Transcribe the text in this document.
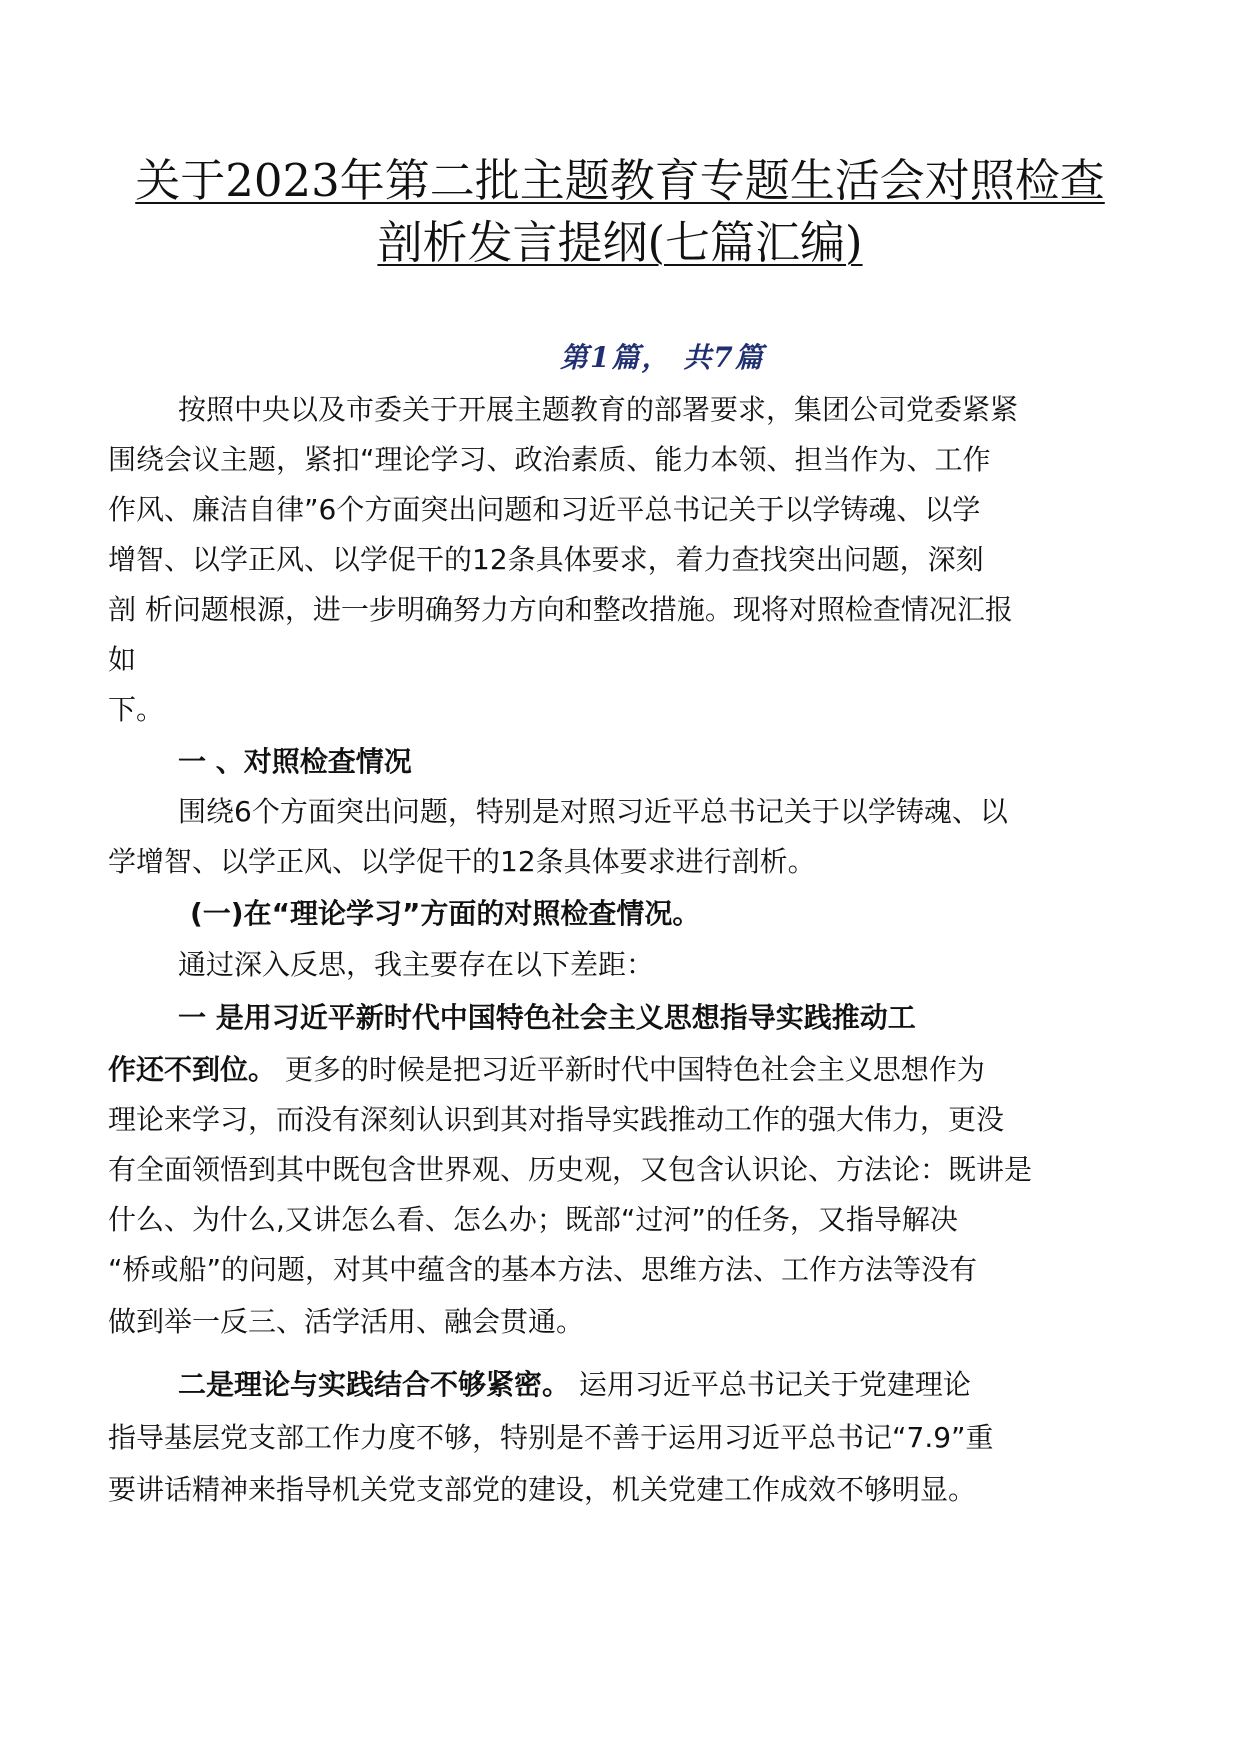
关于2023年第二批主题教育专题生活会对照检查
剖析发言提纲(七篇汇编)
第1篇， 共7篇
按照中央以及市委关于开展主题教育的部署要求，集团公司党委紧紧
围绕会议主题，紧扣“理论学习、政治素质、能力本领、担当作为、工作
作风、廉洁自律”6个方面突出问题和习近平总书记关于以学铸魂、以学
增智、以学正风、以学促干的12条具体要求，着力查找突出问题，深刻
剖 析问题根源，进一步明确努力方向和整改措施。现将对照检查情况汇报
如
下。
一 、对照检查情况
围绕6个方面突出问题，特别是对照习近平总书记关于以学铸魂、以
学增智、以学正风、以学促干的12条具体要求进行剖析。
(一)在“理论学习”方面的对照检查情况。
通过深入反思，我主要存在以下差距：
一 是用习近平新时代中国特色社会主义思想指导实践推动工
作还不到位。 更多的时候是把习近平新时代中国特色社会主义思想作为
理论来学习，而没有深刻认识到其对指导实践推动工作的强大伟力，更没
有全面领悟到其中既包含世界观、历史观，又包含认识论、方法论：既讲是
什么、为什么,又讲怎么看、怎么办；既部“过河”的任务，又指导解决
“桥或船”的问题，对其中蕴含的基本方法、思维方法、工作方法等没有
做到举一反三、活学活用、融会贯通。
二是理论与实践结合不够紧密。 运用习近平总书记关于党建理论
指导基层党支部工作力度不够，特别是不善于运用习近平总书记“7.9”重
要讲话精神来指导机关党支部党的建设，机关党建工作成效不够明显。
